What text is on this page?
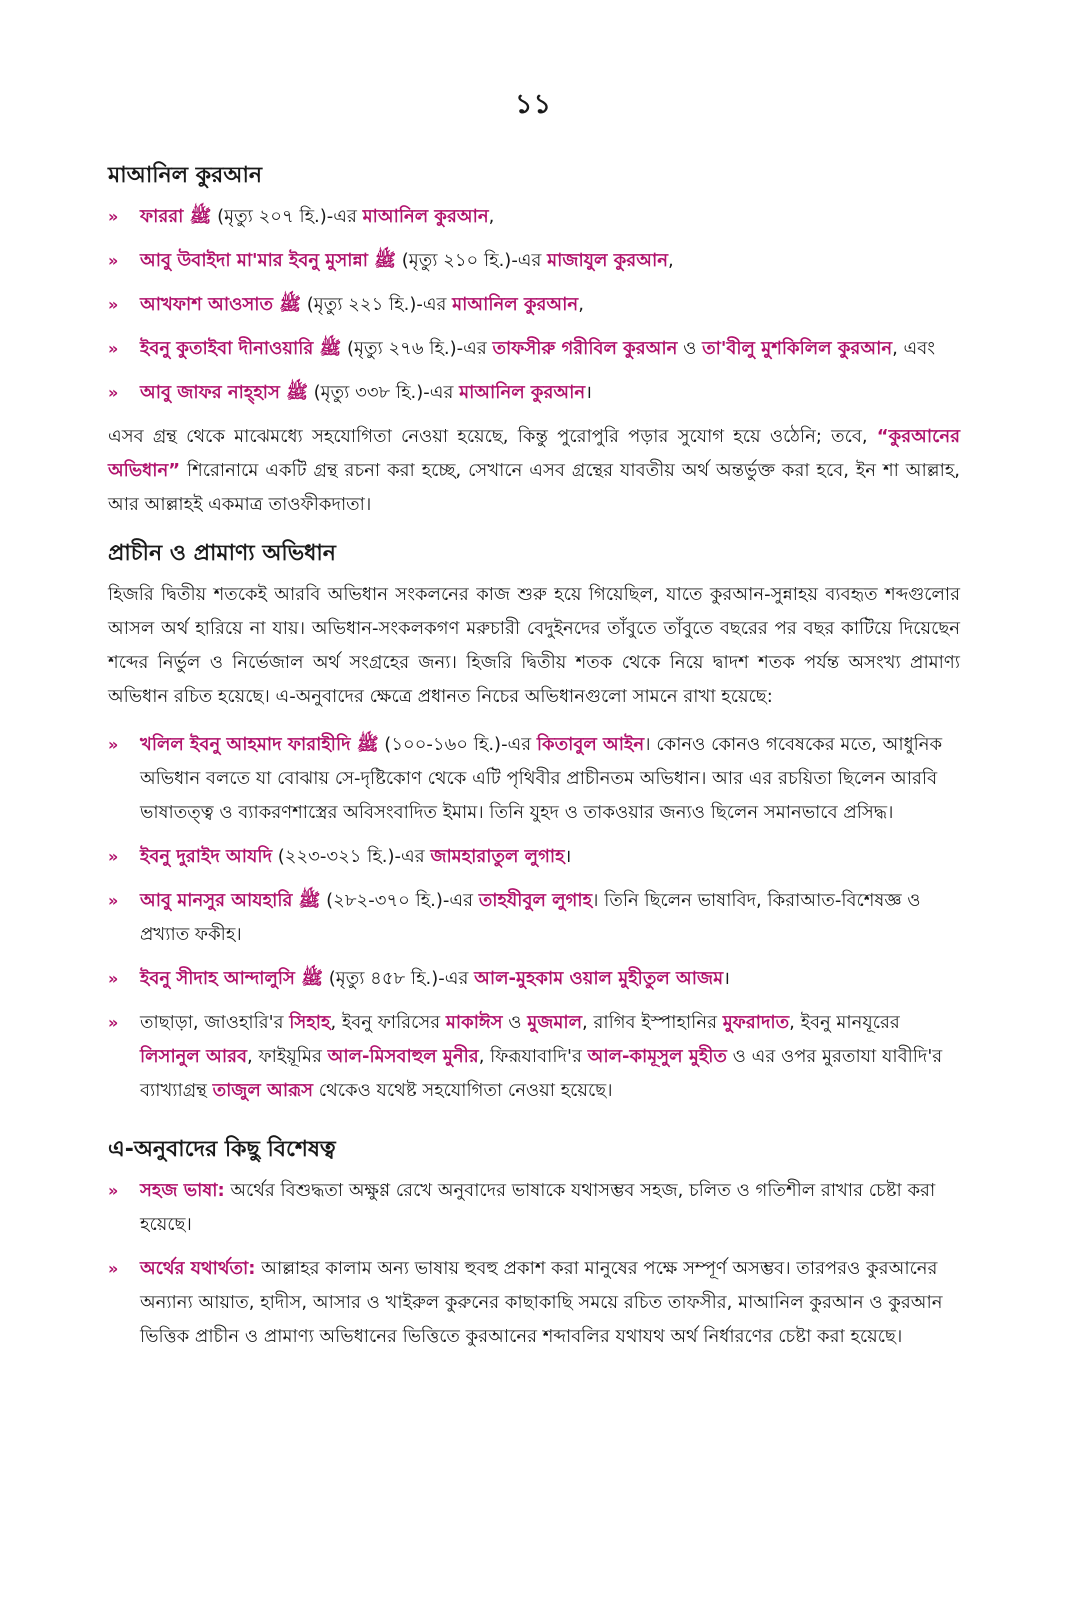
১১
মাআনিল কুরআন
» ফাররা ﷺ (মৃত্যু ২০৭ হি.)-এর মাআনিল কুরআন,
» আবু উবাইদা মা'মার ইবনু মুসান্না ﷺ (মৃত্যু ২১০ হি.)-এর মাজাযুল কুরআন,
» আখফাশ আওসাত ﷺ (মৃত্যু ২২১ হি.)-এর মাআনিল কুরআন,
» ইবনু কুতাইবা দীনাওয়ারি ﷺ (মৃত্যু ২৭৬ হি.)-এর তাফসীরু গরীবিল কুরআন ও তা'বীলু মুশকিলিল কুরআন, এবং
» আবু জাফর নাহ্হাস ﷺ (মৃত্যু ৩৩৮ হি.)-এর মাআনিল কুরআন।
এসব গ্রন্থ থেকে মাঝেমধ্যে সহযোগিতা নেওয়া হয়েছে, কিন্তু পুরোপুরি পড়ার সুযোগ হয়ে ওঠেনি; তবে, “কুরআনের অভিধান” শিরোনামে একটি গ্রন্থ রচনা করা হচ্ছে, সেখানে এসব গ্রন্থের যাবতীয় অর্থ অন্তর্ভুক্ত করা হবে, ইন শা আল্লাহ, আর আল্লাহই একমাত্র তাওফীকদাতা।
প্রাচীন ও প্রামাণ্য অভিধান
হিজরি দ্বিতীয় শতকেই আরবি অভিধান সংকলনের কাজ শুরু হয়ে গিয়েছিল, যাতে কুরআন-সুন্নাহয় ব্যবহৃত শব্দগুলোর আসল অর্থ হারিয়ে না যায়। অভিধান-সংকলকগণ মরুচারী বেদুইনদের তাঁবুতে তাঁবুতে বছরের পর বছর কাটিয়ে দিয়েছেন শব্দের নির্ভুল ও নির্ভেজাল অর্থ সংগ্রহের জন্য। হিজরি দ্বিতীয় শতক থেকে নিয়ে দ্বাদশ শতক পর্যন্ত অসংখ্য প্রামাণ্য অভিধান রচিত হয়েছে। এ-অনুবাদের ক্ষেত্রে প্রধানত নিচের অভিধানগুলো সামনে রাখা হয়েছে:
» খলিল ইবনু আহমাদ ফারাহীদি ﷺ (১০০-১৬০ হি.)-এর কিতাবুল আইন। কোনও কোনও গবেষকের মতে, আধুনিক অভিধান বলতে যা বোঝায় সে-দৃষ্টিকোণ থেকে এটি পৃথিবীর প্রাচীনতম অভিধান। আর এর রচয়িতা ছিলেন আরবি ভাষাতত্ত্ব ও ব্যাকরণশাস্ত্রের অবিসংবাদিত ইমাম। তিনি যুহদ ও তাকওয়ার জন্যও ছিলেন সমানভাবে প্রসিদ্ধ।
» ইবনু দুরাইদ আযদি (২২৩-৩২১ হি.)-এর জামহারাতুল লুগাহ।
» আবু মানসুর আযহারি ﷺ (২৮২-৩৭০ হি.)-এর তাহযীবুল লুগাহ। তিনি ছিলেন ভাষাবিদ, কিরাআত-বিশেষজ্ঞ ও প্রখ্যাত ফকীহ।
» ইবনু সীদাহ আন্দালুসি ﷺ (মৃত্যু ৪৫৮ হি.)-এর আল-মুহকাম ওয়াল মুহীতুল আজম।
» তাছাড়া, জাওহারি'র সিহাহ, ইবনু ফারিসের মাকাঈস ও মুজমাল, রাগিব ইস্পাহানির মুফরাদাত, ইবনু মানযূরের লিসানুল আরব, ফাইয়ূমির আল-মিসবাহুল মুনীর, ফিরূযাবাদি'র আল-কামূসুল মুহীত ও এর ওপর মুরতাযা যাবীদি'র ব্যাখ্যাগ্রন্থ তাজুল আরূস থেকেও যথেষ্ট সহযোগিতা নেওয়া হয়েছে।
এ-অনুবাদের কিছু বিশেষত্ব
» সহজ ভাষা: অর্থের বিশুদ্ধতা অক্ষুণ্ণ রেখে অনুবাদের ভাষাকে যথাসম্ভব সহজ, চলিত ও গতিশীল রাখার চেষ্টা করা হয়েছে।
» অর্থের যথার্থতা: আল্লাহর কালাম অন্য ভাষায় হুবহু প্রকাশ করা মানুষের পক্ষে সম্পূর্ণ অসম্ভব। তারপরও কুরআনের অন্যান্য আয়াত, হাদীস, আসার ও খাইরুল কুরুনের কাছাকাছি সময়ে রচিত তাফসীর, মাআনিল কুরআন ও কুরআন ভিত্তিক প্রাচীন ও প্রামাণ্য অভিধানের ভিত্তিতে কুরআনের শব্দাবলির যথাযথ অর্থ নির্ধারণের চেষ্টা করা হয়েছে।
